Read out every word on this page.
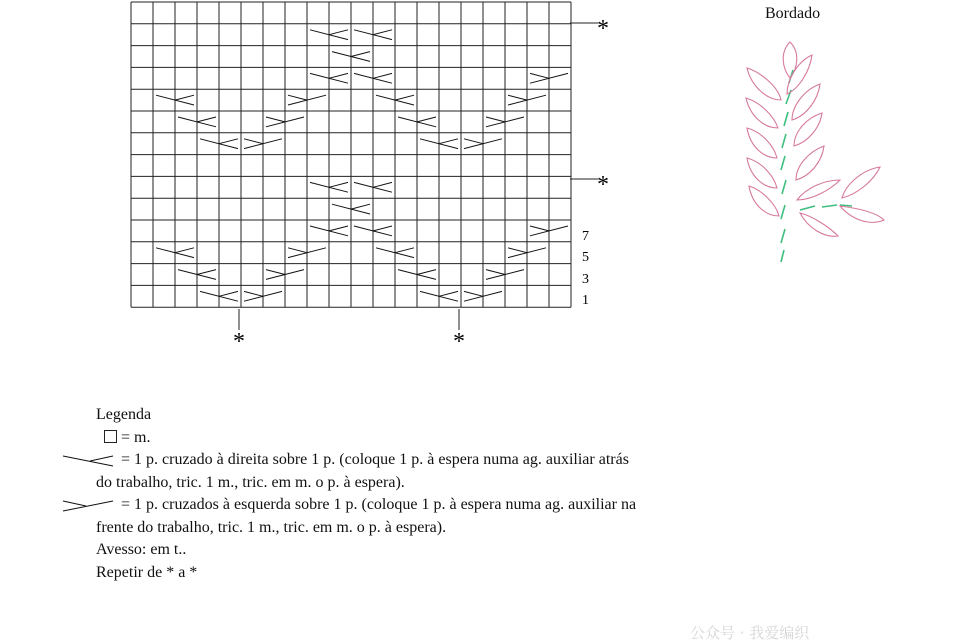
*
*
*	*
7
5
3
1
Bordado
Legenda
= m.
= 1 p. cruzado à direita sobre 1 p. (coloque 1 p. à espera numa ag. auxiliar atrás
do trabalho, tric. 1 m., tric. em m. o p. à espera).
= 1 p. cruzados à esquerda sobre 1 p. (coloque 1 p. à espera numa ag. auxiliar na
frente do trabalho, tric. 1 m., tric. em m. o p. à espera).
Avesso: em t..
Repetir de * a *
公众号 · 我爱编织
